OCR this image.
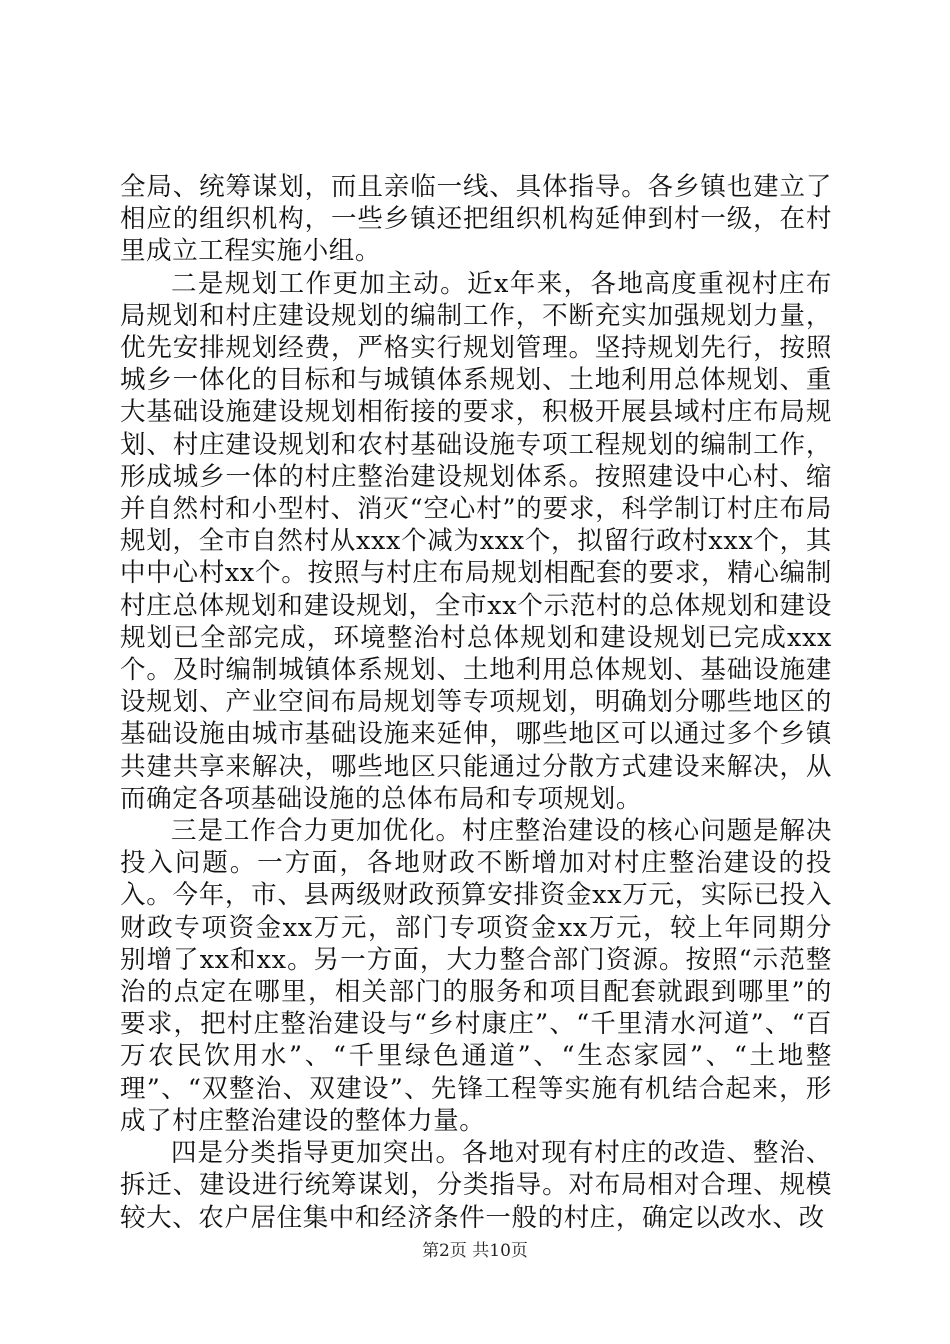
全局、统筹谋划，而且亲临一线、具体指导。各乡镇也建立了相应的组织机构，一些乡镇还把组织机构延伸到村一级，在村里成立工程实施小组。

二是规划工作更加主动。近x年来，各地高度重视村庄布局规划和村庄建设规划的编制工作，不断充实加强规划力量，优先安排规划经费，严格实行规划管理。坚持规划先行，按照城乡一体化的目标和与城镇体系规划、土地利用总体规划、重大基础设施建设规划相衔接的要求，积极开展县域村庄布局规划、村庄建设规划和农村基础设施专项工程规划的编制工作，形成城乡一体的村庄整治建设规划体系。按照建设中心村、缩并自然村和小型村、消灭“空心村”的要求，科学制订村庄布局规划，全市自然村从xxx个减为xxx个，拟留行政村xxx个，其中中心村xx个。按照与村庄布局规划相配套的要求，精心编制村庄总体规划和建设规划，全市xx个示范村的总体规划和建设规划已全部完成，环境整治村总体规划和建设规划已完成xxx个。及时编制城镇体系规划、土地利用总体规划、基础设施建设规划、产业空间布局规划等专项规划，明确划分哪些地区的基础设施由城市基础设施来延伸，哪些地区可以通过多个乡镇共建共享来解决，哪些地区只能通过分散方式建设来解决，从而确定各项基础设施的总体布局和专项规划。

三是工作合力更加优化。村庄整治建设的核心问题是解决投入问题。一方面，各地财政不断增加对村庄整治建设的投入。今年，市、县两级财政预算安排资金xx万元，实际已投入财政专项资金xx万元，部门专项资金xx万元，较上年同期分别增了xx和xx。另一方面，大力整合部门资源。按照“示范整治的点定在哪里，相关部门的服务和项目配套就跟到哪里”的要求，把村庄整治建设与“乡村康庄”、“千里清水河道”、“百万农民饮用水”、“千里绿色通道”、“生态家园”、“土地整理”、“双整治、双建设”、先锋工程等实施有机结合起来，形成了村庄整治建设的整体力量。

四是分类指导更加突出。各地对现有村庄的改造、整治、拆迁、建设进行统筹谋划，分类指导。对布局相对合理、规模较大、农户居住集中和经济条件一般的村庄，确定以改水、改

第2页 共10页
